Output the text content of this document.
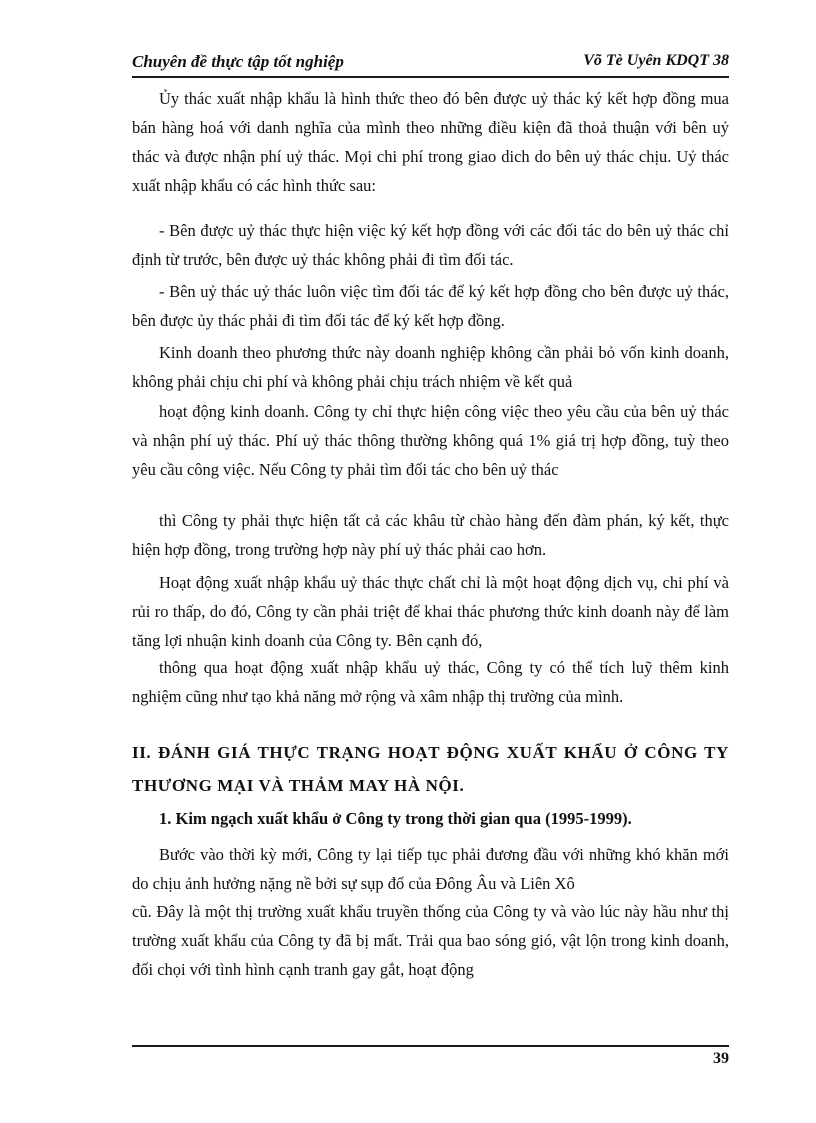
Chuyên đề thực tập tốt nghiệp	Võ Tè Uyên KDQT 38
Ủy thác xuất nhập khẩu là hình thức theo đó bên được uỷ thác ký kết hợp đồng mua bán hàng hoá với danh nghĩa của mình theo những điều kiện đã thoả thuận với bên uỷ thác và được nhận phí uỷ thác. Mọi chi phí trong giao dich do bên uỷ thác chịu. Uỷ thác xuất nhập khẩu có các hình thức sau:
- Bên được uỷ thác thực hiện việc ký kết hợp đồng với các đối tác do bên uỷ thác chỉ định từ trước, bên được uỷ thác không phải đi tìm đối tác.
- Bên uỷ thác uỷ thác luôn việc tìm đối tác để ký kết hợp đồng cho bên được uỷ thác, bên được ủy thác phải đi tìm đối tác để ký kết hợp đồng.
Kinh doanh theo phương thức này doanh nghiệp không cần phải bỏ vốn kinh doanh, không phải chịu chi phí và không phải chịu trách nhiệm về kết quả
hoạt động kinh doanh. Công ty chỉ thực hiện công việc theo yêu cầu của bên uỷ thác và nhận phí uỷ thác. Phí uỷ thác thông thường không quá 1% giá trị hợp đồng, tuỳ theo yêu cầu công việc. Nếu Công ty phải tìm đối tác cho bên uỷ thác
thì Công ty phải thực hiện tất cả các khâu từ chào hàng đến đàm phán, ký kết, thực hiện hợp đồng, trong trường hợp này phí uỷ thác phải cao hơn.
Hoạt động xuất nhập khẩu uỷ thác thực chất chỉ là một hoạt động dịch vụ, chi phí và rủi ro thấp, do đó, Công ty cần phải triệt để khai thác phương thức kinh doanh này để làm tăng lợi nhuận kinh doanh của Công ty. Bên cạnh đó,
thông qua hoạt động xuất nhập khẩu uỷ thác, Công ty có thể tích luỹ thêm kinh nghiệm cũng như tạo khả năng mở rộng và xâm nhập thị trường của mình.
II. ĐÁNH GIÁ THỰC TRẠNG HOẠT ĐỘNG XUẤT KHẨU Ở CÔNG TY THƯƠNG MẠI VÀ THẢM MAY HÀ NỘI.
1. Kim ngạch xuất khẩu ở Công ty trong thời gian qua (1995-1999).
Bước vào thời kỳ mới, Công ty lại tiếp tục phải đương đầu với những khó khăn mới do chịu ảnh hưởng nặng nề bởi sự sụp đổ của Đông Âu và Liên Xô
cũ. Đây là một thị trường xuất khẩu truyền thống của Công ty và vào lúc này hầu như thị trường xuất khẩu của Công ty đã bị mất. Trải qua bao sóng gió, vật lộn trong kinh doanh, đối chọi với tình hình cạnh tranh gay gắt, hoạt động
39
